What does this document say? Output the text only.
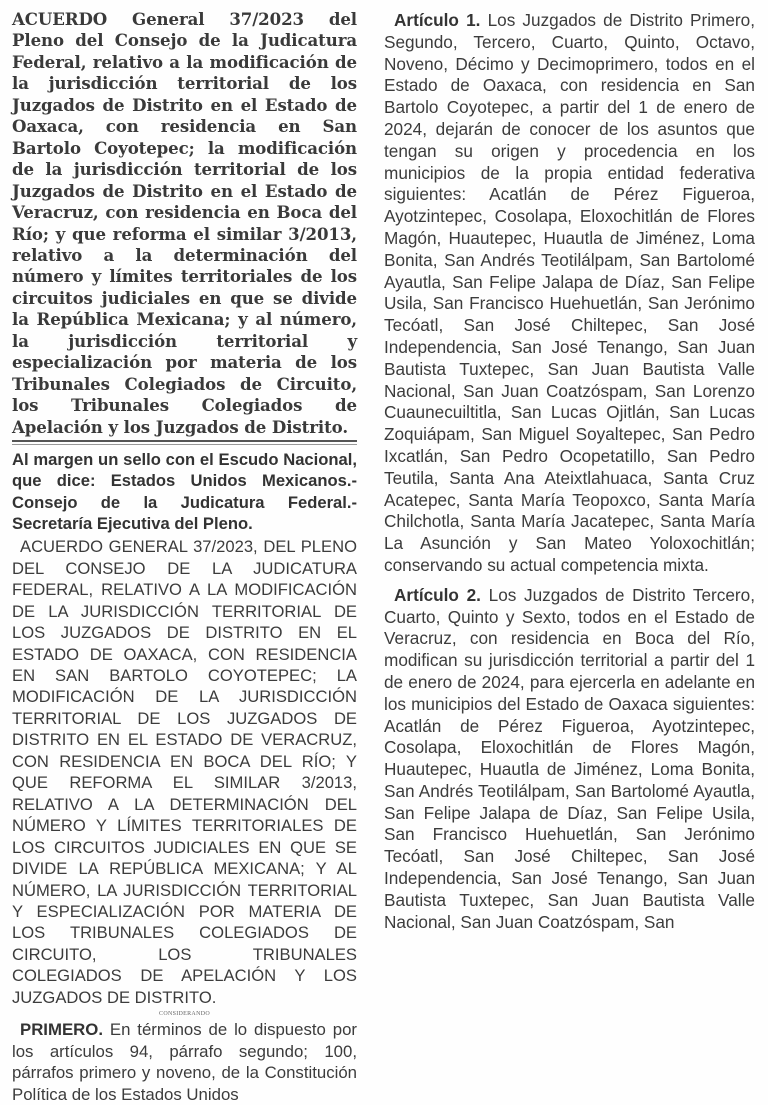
ACUERDO General 37/2023 del Pleno del Consejo de la Judicatura Federal, relativo a la modificación de la jurisdicción territorial de los Juzgados de Distrito en el Estado de Oaxaca, con residencia en San Bartolo Coyotepec; la modificación de la jurisdicción territorial de los Juzgados de Distrito en el Estado de Veracruz, con residencia en Boca del Río; y que reforma el similar 3/2013, relativo a la determinación del número y límites territoriales de los circuitos judiciales en que se divide la República Mexicana; y al número, la jurisdicción territorial y especialización por materia de los Tribunales Colegiados de Circuito, los Tribunales Colegiados de Apelación y los Juzgados de Distrito.

Al margen un sello con el Escudo Nacional, que dice: Estados Unidos Mexicanos.- Consejo de la Judicatura Federal.- Secretaría Ejecutiva del Pleno.

ACUERDO GENERAL 37/2023, DEL PLENO DEL CONSEJO DE LA JUDICATURA FEDERAL, RELATIVO A LA MODIFICACIÓN DE LA JURISDICCIÓN TERRITORIAL DE LOS JUZGADOS DE DISTRITO EN EL ESTADO DE OAXACA, CON RESIDENCIA EN SAN BARTOLO COYOTEPEC; LA MODIFICACIÓN DE LA JURISDICCIÓN TERRITORIAL DE LOS JUZGADOS DE DISTRITO EN EL ESTADO DE VERACRUZ, CON RESIDENCIA EN BOCA DEL RÍO; Y QUE REFORMA EL SIMILAR 3/2013, RELATIVO A LA DETERMINACIÓN DEL NÚMERO Y LÍMITES TERRITORIALES DE LOS CIRCUITOS JUDICIALES EN QUE SE DIVIDE LA REPÚBLICA MEXICANA; Y AL NÚMERO, LA JURISDICCIÓN TERRITORIAL Y ESPECIALIZACIÓN POR MATERIA DE LOS TRIBUNALES COLEGIADOS DE CIRCUITO, LOS TRIBUNALES COLEGIADOS DE APELACIÓN Y LOS JUZGADOS DE DISTRITO.

CONSIDERANDO

PRIMERO. En términos de lo dispuesto por los artículos 94, párrafo segundo; 100, párrafos primero y noveno, de la Constitución Política de los Estados Unidos

Artículo 1. Los Juzgados de Distrito Primero, Segundo, Tercero, Cuarto, Quinto, Octavo, Noveno, Décimo y Decimoprimero, todos en el Estado de Oaxaca, con residencia en San Bartolo Coyotepec, a partir del 1 de enero de 2024, dejarán de conocer de los asuntos que tengan su origen y procedencia en los municipios de la propia entidad federativa siguientes: Acatlán de Pérez Figueroa, Ayotzintepec, Cosolapa, Eloxochitlán de Flores Magón, Huautepec, Huautla de Jiménez, Loma Bonita, San Andrés Teotilálpam, San Bartolomé Ayautla, San Felipe Jalapa de Díaz, San Felipe Usila, San Francisco Huehuetlán, San Jerónimo Tecóatl, San José Chiltepec, San José Independencia, San José Tenango, San Juan Bautista Tuxtepec, San Juan Bautista Valle Nacional, San Juan Coatzóspam, San Lorenzo Cuaunecuiltitla, San Lucas Ojitlán, San Lucas Zoquiápam, San Miguel Soyaltepec, San Pedro Ixcatlán, San Pedro Ocopetatillo, San Pedro Teutila, Santa Ana Ateixtlahuaca, Santa Cruz Acatepec, Santa María Teopoxco, Santa María Chilchotla, Santa María Jacatepec, Santa María La Asunción y San Mateo Yoloxochitlán; conservando su actual competencia mixta.

Artículo 2. Los Juzgados de Distrito Tercero, Cuarto, Quinto y Sexto, todos en el Estado de Veracruz, con residencia en Boca del Río, modifican su jurisdicción territorial a partir del 1 de enero de 2024, para ejercerla en adelante en los municipios del Estado de Oaxaca siguientes: Acatlán de Pérez Figueroa, Ayotzintepec, Cosolapa, Eloxochitlán de Flores Magón, Huautepec, Huautla de Jiménez, Loma Bonita, San Andrés Teotilálpam, San Bartolomé Ayautla, San Felipe Jalapa de Díaz, San Felipe Usila, San Francisco Huehuetlán, San Jerónimo Tecóatl, San José Chiltepec, San José Independencia, San José Tenango, San Juan Bautista Tuxtepec, San Juan Bautista Valle Nacional, San Juan Coatzóspam, San
